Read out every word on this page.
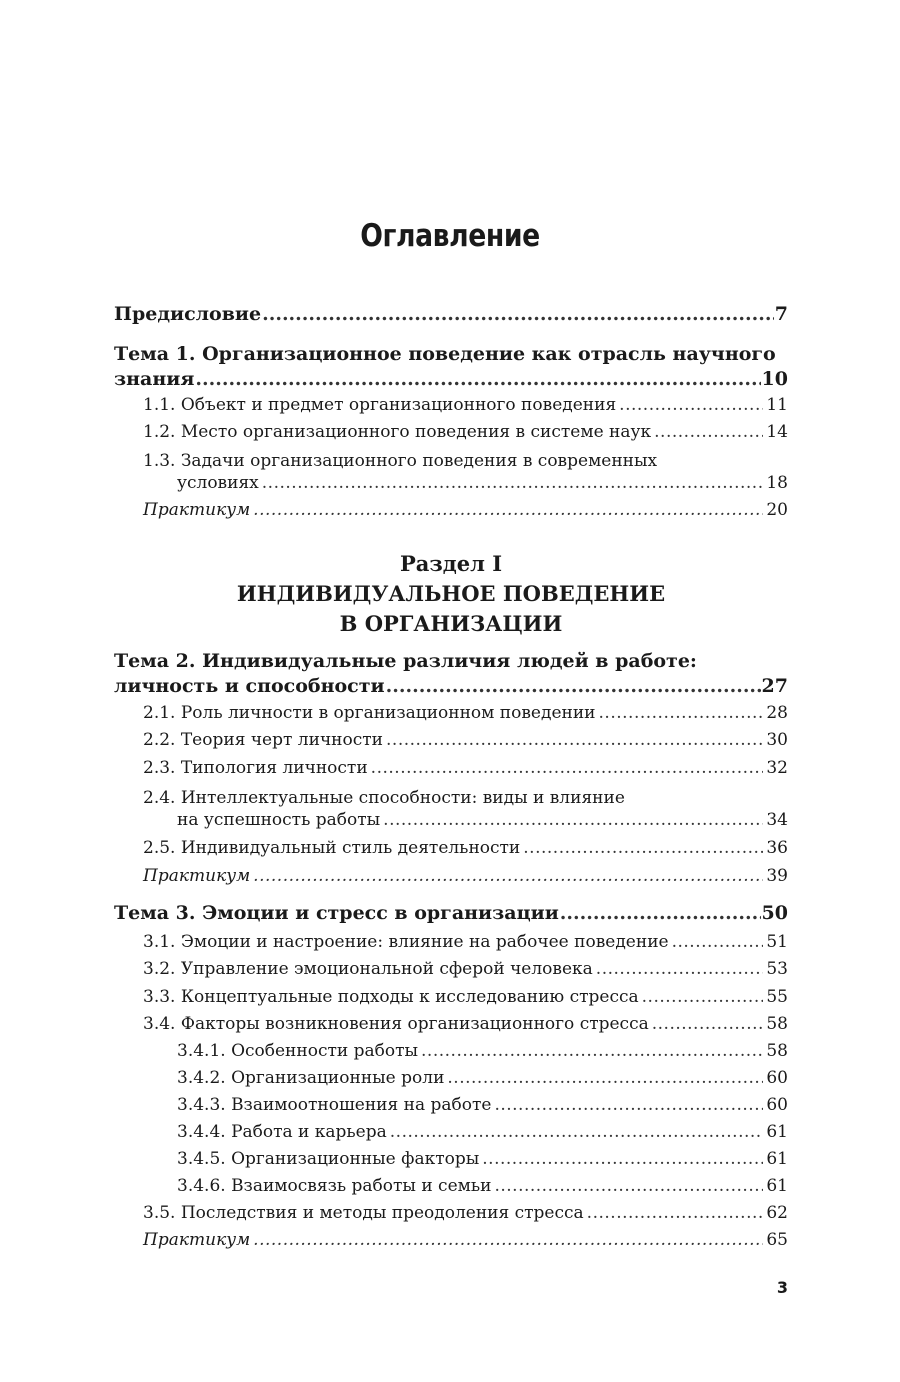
Оглавление
Предисловие .....	7
Тема 1. Организационное поведение как отрасль научного
знания .....	10
1.1. Объект и предмет организационного поведения .....	11
1.2. Место организационного поведения в системе наук .....	14
1.3. Задачи организационного поведения в современных
условиях .....	18
Практикум .....	20
Раздел I
ИНДИВИДУАЛЬНОЕ ПОВЕДЕНИЕ
В ОРГАНИЗАЦИИ
Тема 2. Индивидуальные различия людей в работе:
личность и способности .....	27
2.1. Роль личности в организационном поведении .....	28
2.2. Теория черт личности .....	30
2.3. Типология личности .....	32
2.4. Интеллектуальные способности: виды и влияние
на успешность работы .....	34
2.5. Индивидуальный стиль деятельности .....	36
Практикум .....	39
Тема 3. Эмоции и стресс в организации .....	50
3.1. Эмоции и настроение: влияние на рабочее поведение .....	51
3.2. Управление эмоциональной сферой человека .....	53
3.3. Концептуальные подходы к исследованию стресса .....	55
3.4. Факторы возникновения организационного стресса .....	58
3.4.1. Особенности работы .....	58
3.4.2. Организационные роли .....	60
3.4.3. Взаимоотношения на работе .....	60
3.4.4. Работа и карьера .....	61
3.4.5. Организационные факторы .....	61
3.4.6. Взаимосвязь работы и семьи .....	61
3.5. Последствия и методы преодоления стресса .....	62
Практикум .....	65
3
